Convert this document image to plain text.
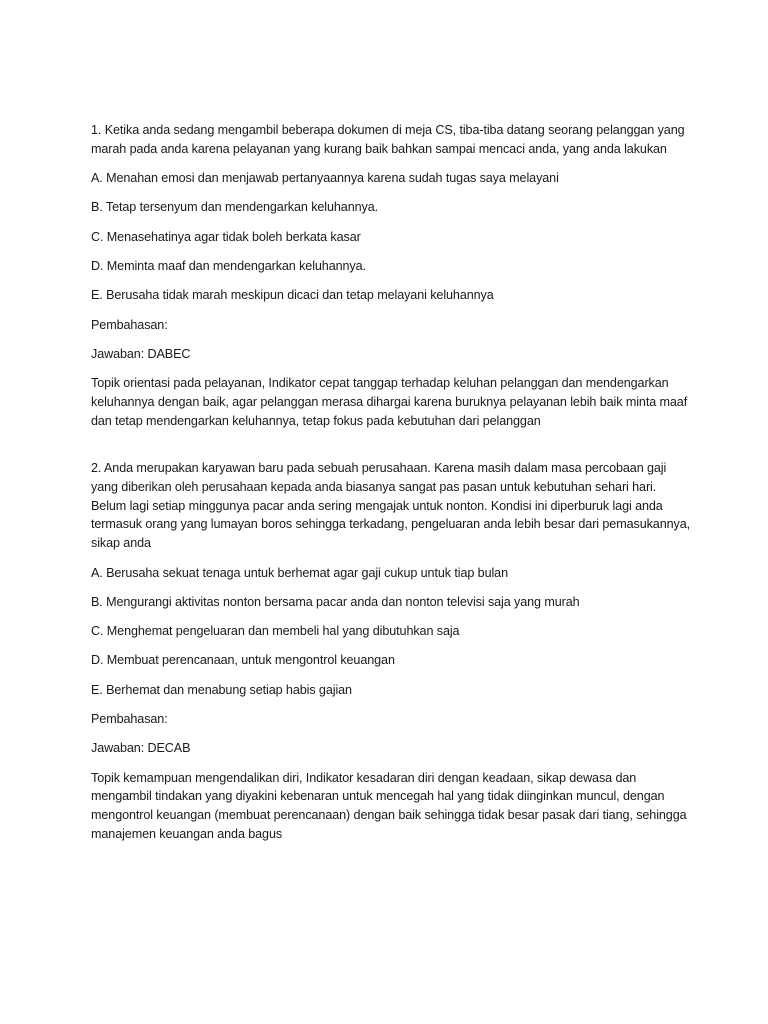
1. Ketika anda sedang mengambil beberapa dokumen di meja CS, tiba-tiba datang seorang pelanggan yang marah pada anda karena pelayanan yang kurang baik bahkan sampai mencaci anda, yang anda lakukan

A. Menahan emosi dan menjawab pertanyaannya karena sudah tugas saya melayani

B. Tetap tersenyum dan mendengarkan keluhannya.

C. Menasehatinya agar tidak boleh berkata kasar

D. Meminta maaf dan mendengarkan keluhannya.

E. Berusaha tidak marah meskipun dicaci dan tetap melayani keluhannya

Pembahasan:

Jawaban: DABEC

Topik orientasi pada pelayanan, Indikator cepat tanggap terhadap keluhan pelanggan dan mendengarkan keluhannya dengan baik, agar pelanggan merasa dihargai karena buruknya pelayanan lebih baik minta maaf dan tetap mendengarkan keluhannya, tetap fokus pada kebutuhan dari pelanggan

2. Anda merupakan karyawan baru pada sebuah perusahaan. Karena masih dalam masa percobaan gaji yang diberikan oleh perusahaan kepada anda biasanya sangat pas pasan untuk kebutuhan sehari hari. Belum lagi setiap minggunya pacar anda sering mengajak untuk nonton. Kondisi ini diperburuk lagi anda termasuk orang yang lumayan boros sehingga terkadang, pengeluaran anda lebih besar dari pemasukannya, sikap anda

A. Berusaha sekuat tenaga untuk berhemat agar gaji cukup untuk tiap bulan

B. Mengurangi aktivitas nonton bersama pacar anda dan nonton televisi saja yang murah

C. Menghemat pengeluaran dan membeli hal yang dibutuhkan saja

D. Membuat perencanaan, untuk mengontrol keuangan

E. Berhemat dan menabung setiap habis gajian

Pembahasan:

Jawaban: DECAB

Topik kemampuan mengendalikan diri, Indikator kesadaran diri dengan keadaan, sikap dewasa dan mengambil tindakan yang diyakini kebenaran untuk mencegah hal yang tidak diinginkan muncul, dengan mengontrol keuangan (membuat perencanaan) dengan baik sehingga tidak besar pasak dari tiang, sehingga manajemen keuangan anda bagus
